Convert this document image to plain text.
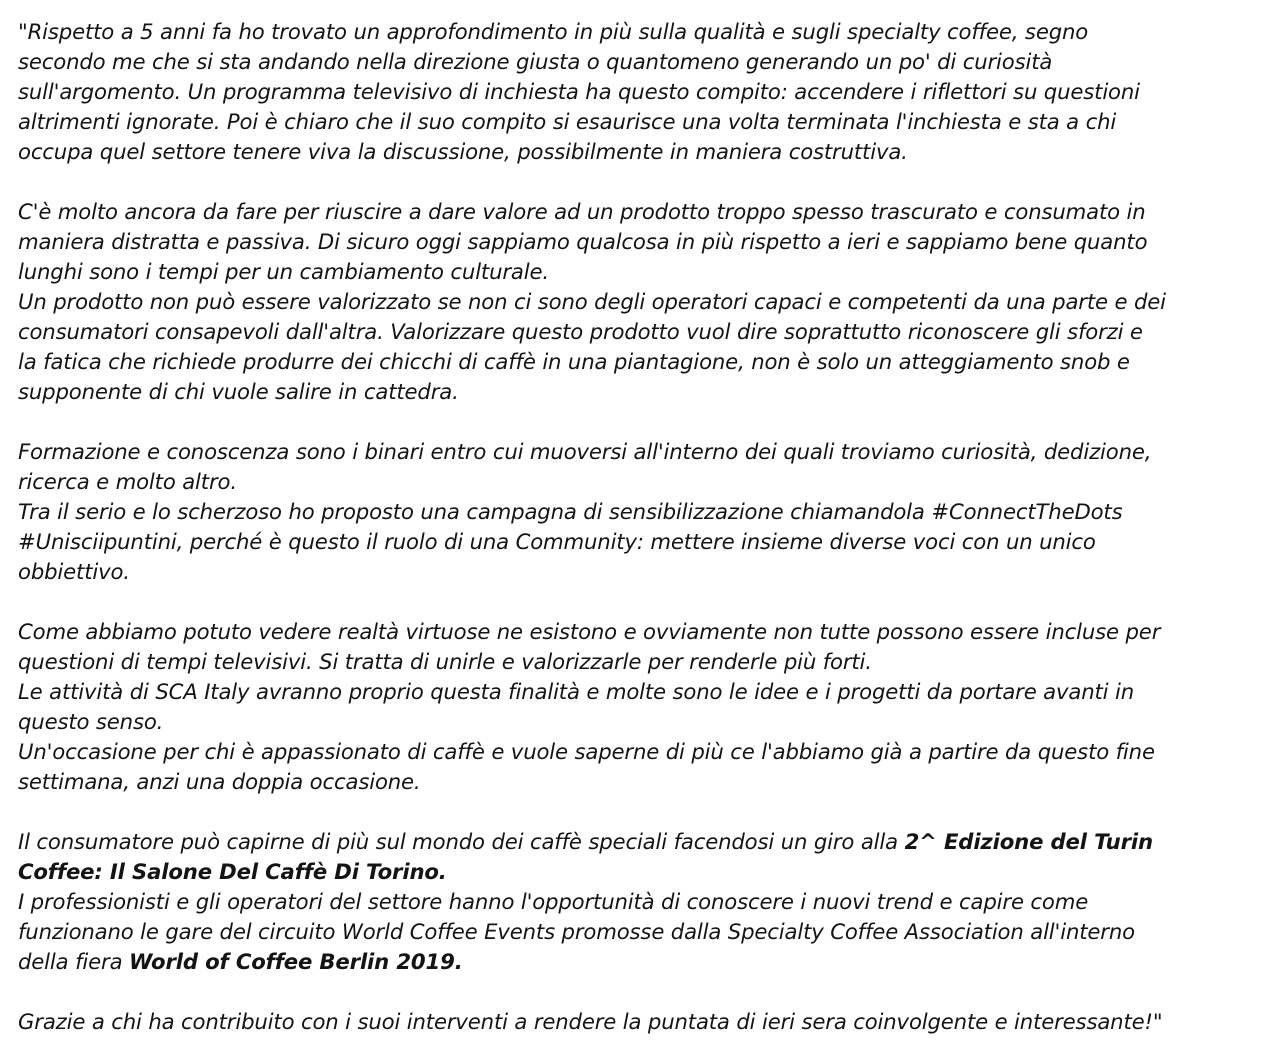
"Rispetto a 5 anni fa ho trovato un approfondimento in più sulla qualità e sugli specialty coffee, segno
secondo me che si sta andando nella direzione giusta o quantomeno generando un po' di curiosità
sull'argomento. Un programma televisivo di inchiesta ha questo compito: accendere i riflettori su questioni
altrimenti ignorate. Poi è chiaro che il suo compito si esaurisce una volta terminata l'inchiesta e sta a chi
occupa quel settore tenere viva la discussione, possibilmente in maniera costruttiva.
C'è molto ancora da fare per riuscire a dare valore ad un prodotto troppo spesso trascurato e consumato in
maniera distratta e passiva. Di sicuro oggi sappiamo qualcosa in più rispetto a ieri e sappiamo bene quanto
lunghi sono i tempi per un cambiamento culturale.
Un prodotto non può essere valorizzato se non ci sono degli operatori capaci e competenti da una parte e dei
consumatori consapevoli dall'altra. Valorizzare questo prodotto vuol dire soprattutto riconoscere gli sforzi e
la fatica che richiede produrre dei chicchi di caffè in una piantagione, non è solo un atteggiamento snob e
supponente di chi vuole salire in cattedra.
Formazione e conoscenza sono i binari entro cui muoversi all'interno dei quali troviamo curiosità, dedizione,
ricerca e molto altro.
Tra il serio e lo scherzoso ho proposto una campagna di sensibilizzazione chiamandola #ConnectTheDots
#Unisciipuntini, perché è questo il ruolo di una Community: mettere insieme diverse voci con un unico
obbiettivo.
Come abbiamo potuto vedere realtà virtuose ne esistono e ovviamente non tutte possono essere incluse per
questioni di tempi televisivi. Si tratta di unirle e valorizzarle per renderle più forti.
Le attività di SCA Italy avranno proprio questa finalità e molte sono le idee e i progetti da portare avanti in
questo senso.
Un'occasione per chi è appassionato di caffè e vuole saperne di più ce l'abbiamo già a partire da questo fine
settimana, anzi una doppia occasione.
Il consumatore può capirne di più sul mondo dei caffè speciali facendosi un giro alla 2^ Edizione del Turin
Coffee: Il Salone Del Caffè Di Torino.
I professionisti e gli operatori del settore hanno l'opportunità di conoscere i nuovi trend e capire come
funzionano le gare del circuito World Coffee Events promosse dalla Specialty Coffee Association all'interno
della fiera World of Coffee Berlin 2019.
Grazie a chi ha contribuito con i suoi interventi a rendere la puntata di ieri sera coinvolgente e interessante!"
